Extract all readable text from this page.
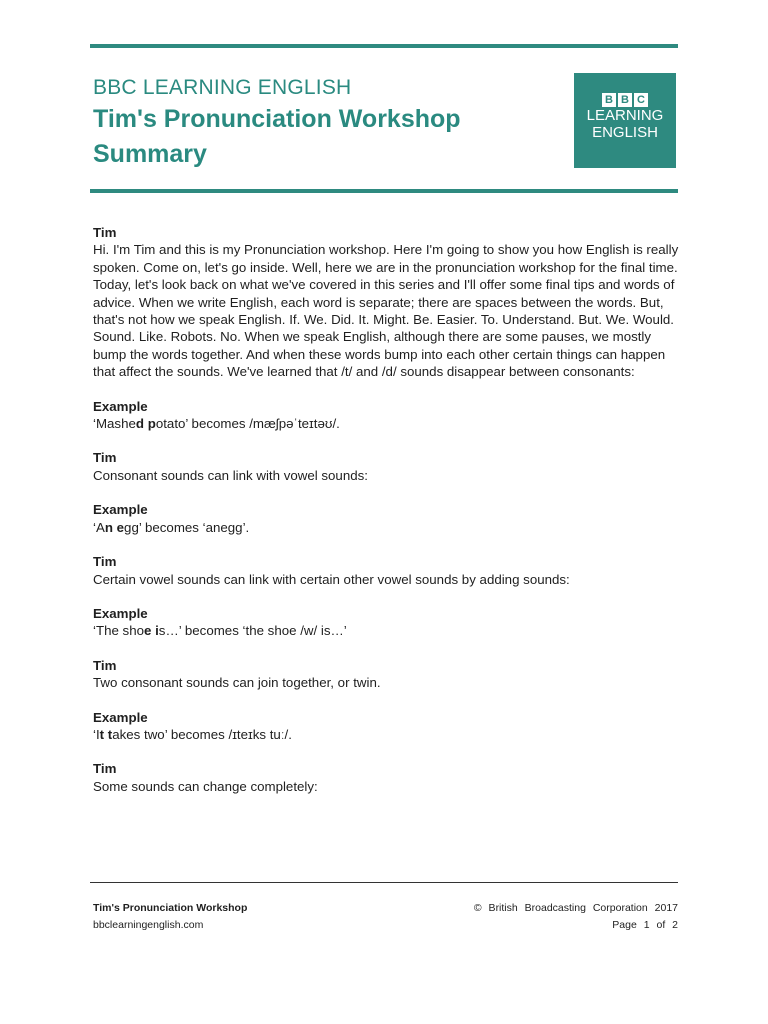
BBC LEARNING ENGLISH
Tim's Pronunciation Workshop
Summary
B B C
LEARNING
ENGLISH
Tim
Hi. I'm Tim and this is my Pronunciation workshop. Here I'm going to show you how English is really spoken. Come on, let's go inside. Well, here we are in the pronunciation workshop for the final time. Today, let's look back on what we've covered in this series and I'll offer some final tips and words of advice. When we write English, each word is separate; there are spaces between the words. But, that's not how we speak English. If. We. Did. It. Might. Be. Easier. To. Understand. But. We. Would. Sound. Like. Robots. No. When we speak English, although there are some pauses, we mostly bump the words together. And when these words bump into each other certain things can happen that affect the sounds. We've learned that /t/ and /d/ sounds disappear between consonants:
Example
‘Mashed potato’ becomes /mæʃpəˈteɪtəʊ/.
Tim
Consonant sounds can link with vowel sounds:
Example
‘An egg’ becomes ‘anegg’.
Tim
Certain vowel sounds can link with certain other vowel sounds by adding sounds:
Example
‘The shoe is…’ becomes ‘the shoe /w/ is…’
Tim
Two consonant sounds can join together, or twin.
Example
‘It takes two’ becomes /ɪteɪks tuː/.
Tim
Some sounds can change completely:
Tim's Pronunciation Workshop
bbclearningenglish.com
© British Broadcasting Corporation 2017
Page 1 of 2
